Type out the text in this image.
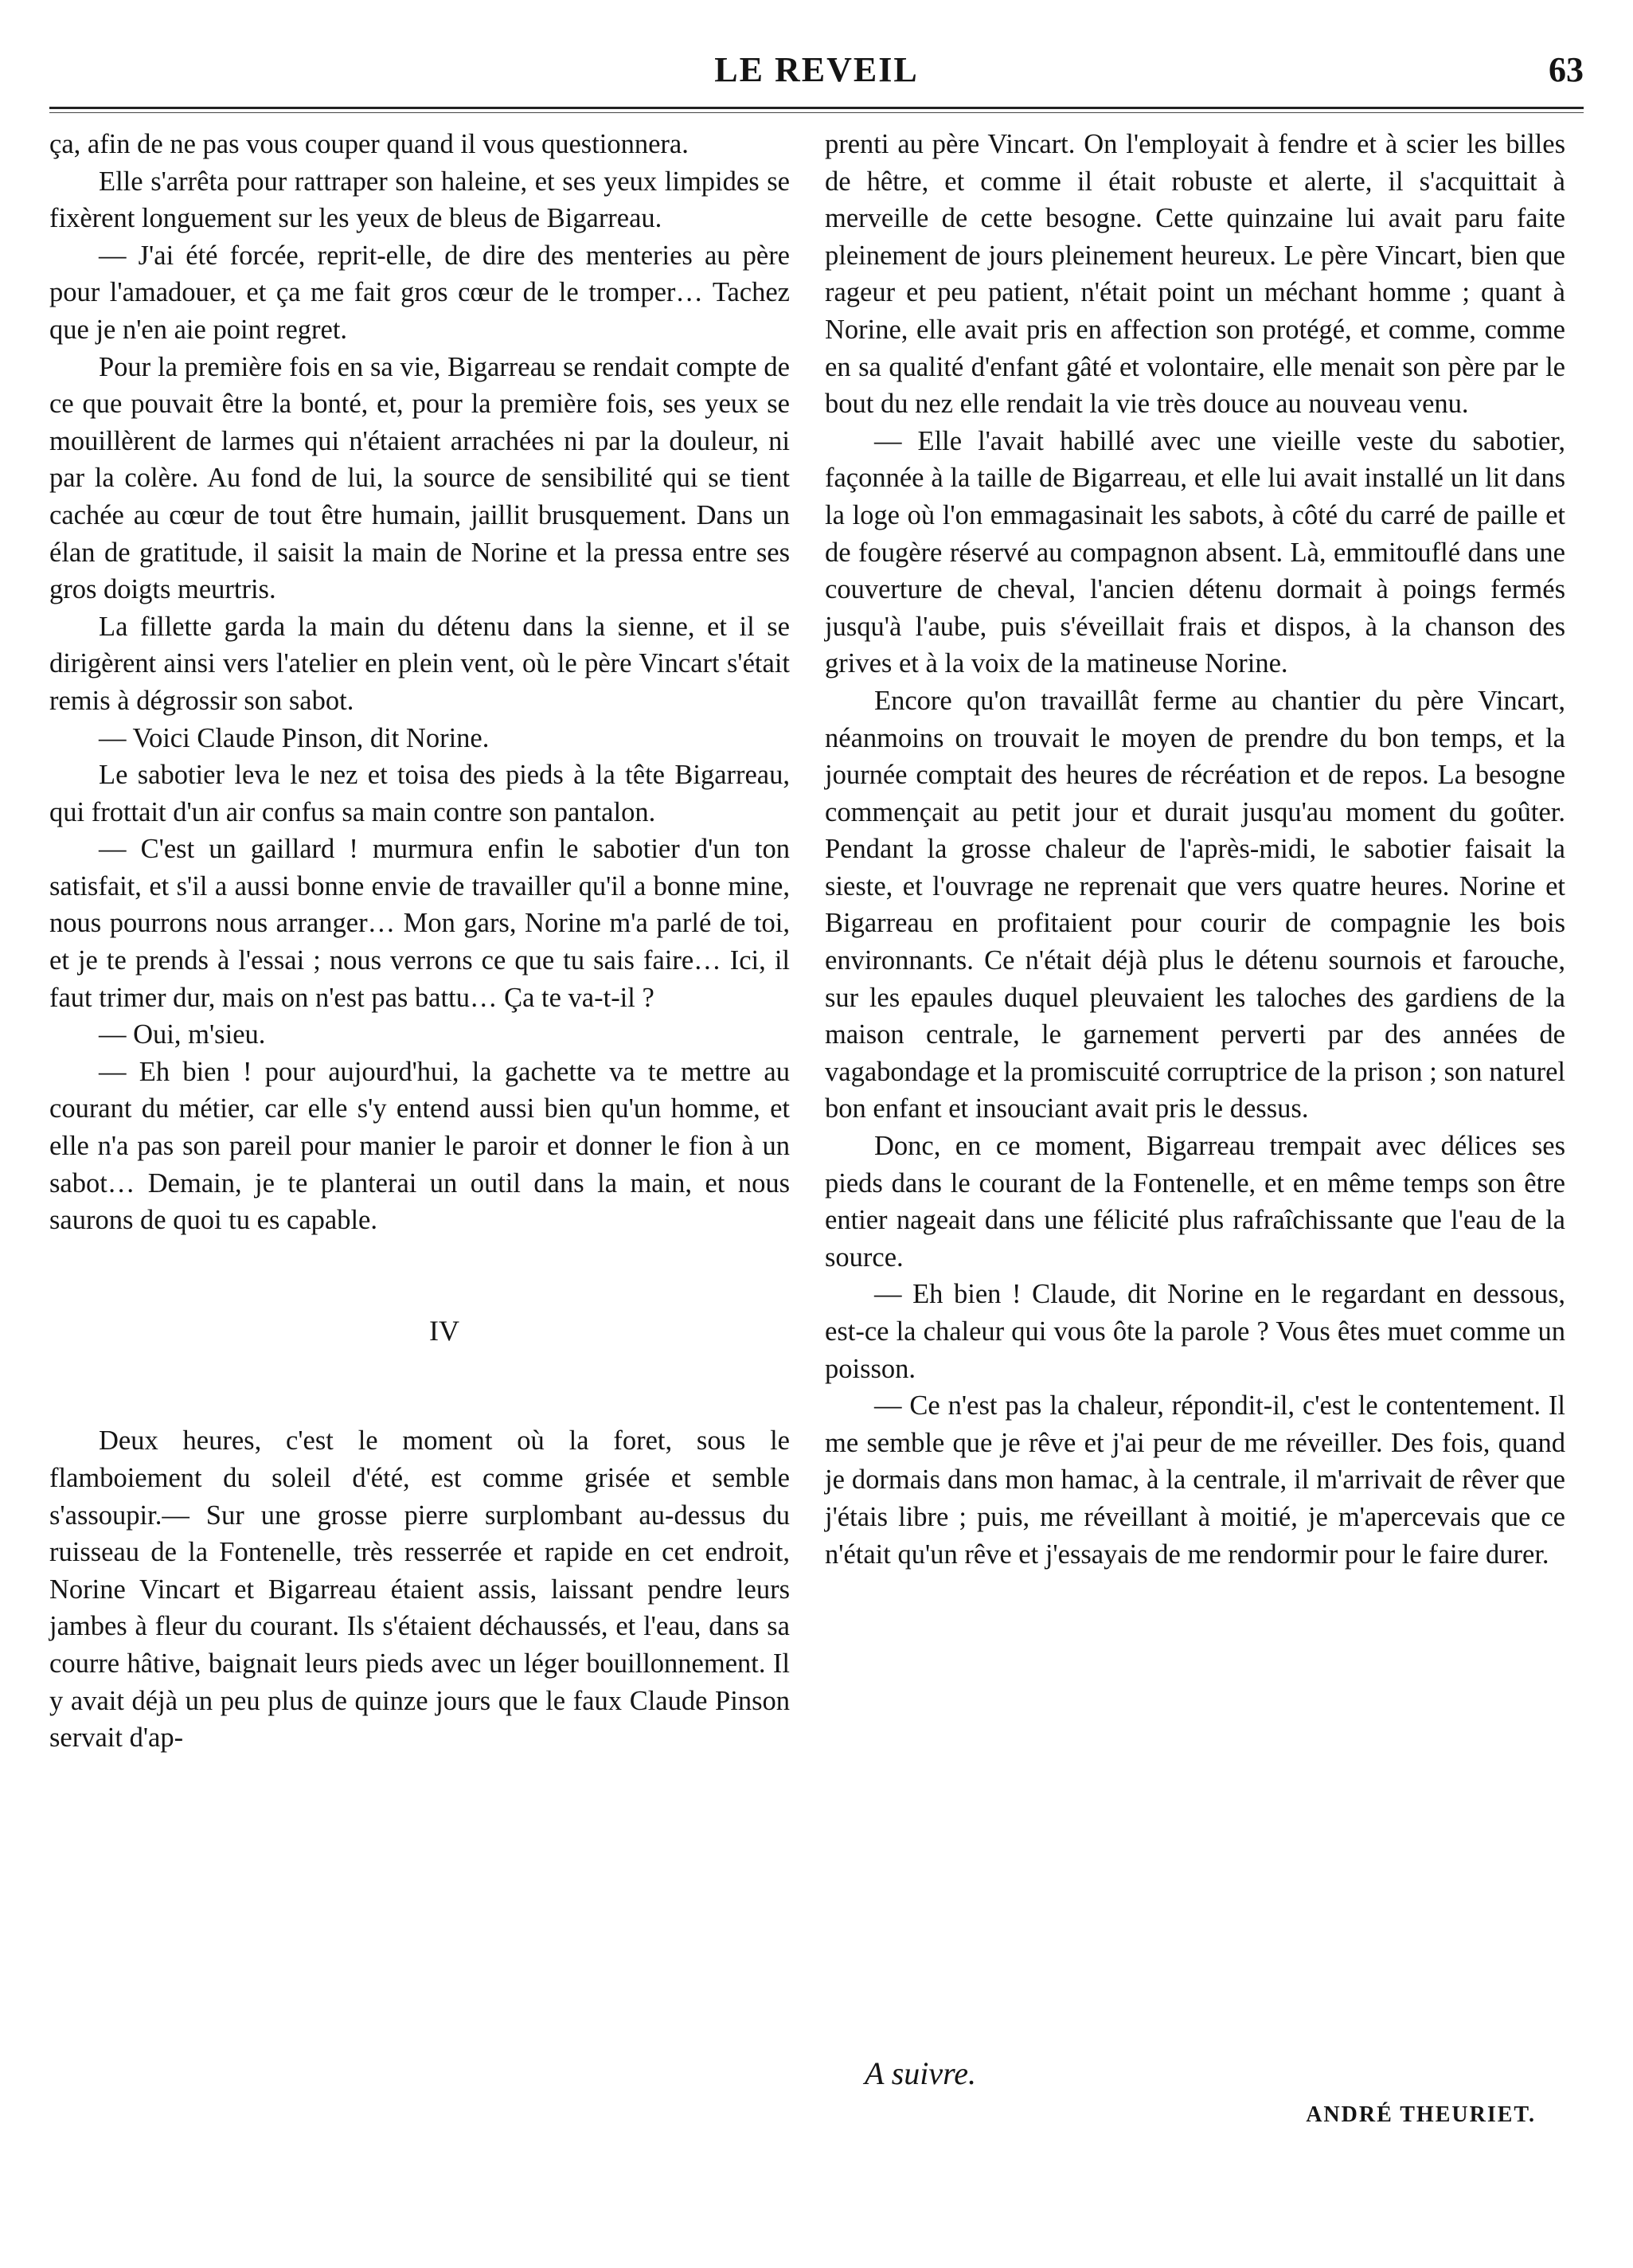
LE REVEIL	63

ça, afin de ne pas vous couper quand il vous questionnera.

Elle s'arrêta pour rattraper son haleine, et ses yeux limpides se fixèrent longuement sur les yeux de bleus de Bigarreau.

— J'ai été forcée, reprit-elle, de dire des menteries au père pour l'amadouer, et ça me fait gros cœur de le tromper… Tachez que je n'en aie point regret.

Pour la première fois en sa vie, Bigarreau se rendait compte de ce que pouvait être la bonté, et, pour la première fois, ses yeux se mouillèrent de larmes qui n'étaient arrachées ni par la douleur, ni par la colère. Au fond de lui, la source de sensibilité qui se tient cachée au cœur de tout être humain, jaillit brusquement. Dans un élan de gratitude, il saisit la main de Norine et la pressa entre ses gros doigts meurtris.

La fillette garda la main du détenu dans la sienne, et il se dirigèrent ainsi vers l'atelier en plein vent, où le père Vincart s'était remis à dégrossir son sabot.

— Voici Claude Pinson, dit Norine.

Le sabotier leva le nez et toisa des pieds à la tête Bigarreau, qui frottait d'un air confus sa main contre son pantalon.

— C'est un gaillard ! murmura enfin le sabotier d'un ton satisfait, et s'il a aussi bonne envie de travailler qu'il a bonne mine, nous pourrons nous arranger… Mon gars, Norine m'a parlé de toi, et je te prends à l'essai ; nous verrons ce que tu sais faire… Ici, il faut trimer dur, mais on n'est pas battu… Ça te va-t-il ?

— Oui, m'sieu.

— Eh bien ! pour aujourd'hui, la gachette va te mettre au courant du métier, car elle s'y entend aussi bien qu'un homme, et elle n'a pas son pareil pour manier le paroir et donner le fion à un sabot… Demain, je te planterai un outil dans la main, et nous saurons de quoi tu es capable.

IV

Deux heures, c'est le moment où la foret, sous le flamboiement du soleil d'été, est comme grisée et semble s'assoupir.— Sur une grosse pierre surplombant au-dessus du ruisseau de la Fontenelle, très resserrée et rapide en cet endroit, Norine Vincart et Bigarreau étaient assis, laissant pendre leurs jambes à fleur du courant. Ils s'étaient déchaussés, et l'eau, dans sa courre hâtive, baignait leurs pieds avec un léger bouillonnement. Il y avait déjà un peu plus de quinze jours que le faux Claude Pinson servait d'ap-

prenti au père Vincart. On l'employait à fendre et à scier les billes de hêtre, et comme il était robuste et alerte, il s'acquittait à merveille de cette besogne. Cette quinzaine lui avait paru faite pleinement de jours pleinement heureux. Le père Vincart, bien que rageur et peu patient, n'était point un méchant homme ; quant à Norine, elle avait pris en affection son protégé, et comme, comme en sa qualité d'enfant gâté et volontaire, elle menait son père par le bout du nez elle rendait la vie très douce au nouveau venu.

— Elle l'avait habillé avec une vieille veste du sabotier, façonnée à la taille de Bigarreau, et elle lui avait installé un lit dans la loge où l'on emmagasinait les sabots, à côté du carré de paille et de fougère réservé au compagnon absent. Là, emmitouflé dans une couverture de cheval, l'ancien détenu dormait à poings fermés jusqu'à l'aube, puis s'éveillait frais et dispos, à la chanson des grives et à la voix de la matineuse Norine.

Encore qu'on travaillât ferme au chantier du père Vincart, néanmoins on trouvait le moyen de prendre du bon temps, et la journée comptait des heures de récréation et de repos. La besogne commençait au petit jour et durait jusqu'au moment du goûter. Pendant la grosse chaleur de l'après-midi, le sabotier faisait la sieste, et l'ouvrage ne reprenait que vers quatre heures. Norine et Bigarreau en profitaient pour courir de compagnie les bois environnants. Ce n'était déjà plus le détenu sournois et farouche, sur les epaules duquel pleuvaient les taloches des gardiens de la maison centrale, le garnement perverti par des années de vagabondage et la promiscuité corruptrice de la prison ; son naturel bon enfant et insouciant avait pris le dessus.

Donc, en ce moment, Bigarreau trempait avec délices ses pieds dans le courant de la Fontenelle, et en même temps son être entier nageait dans une félicité plus rafraîchissante que l'eau de la source.

— Eh bien ! Claude, dit Norine en le regardant en dessous, est-ce la chaleur qui vous ôte la parole ? Vous êtes muet comme un poisson.

— Ce n'est pas la chaleur, répondit-il, c'est le contentement. Il me semble que je rêve et j'ai peur de me réveiller. Des fois, quand je dormais dans mon hamac, à la centrale, il m'arrivait de rêver que j'étais libre ; puis, me réveillant à moitié, je m'apercevais que ce n'était qu'un rêve et j'essayais de me rendormir pour le faire durer.

A suivre.
ANDRÉ THEURIET.
